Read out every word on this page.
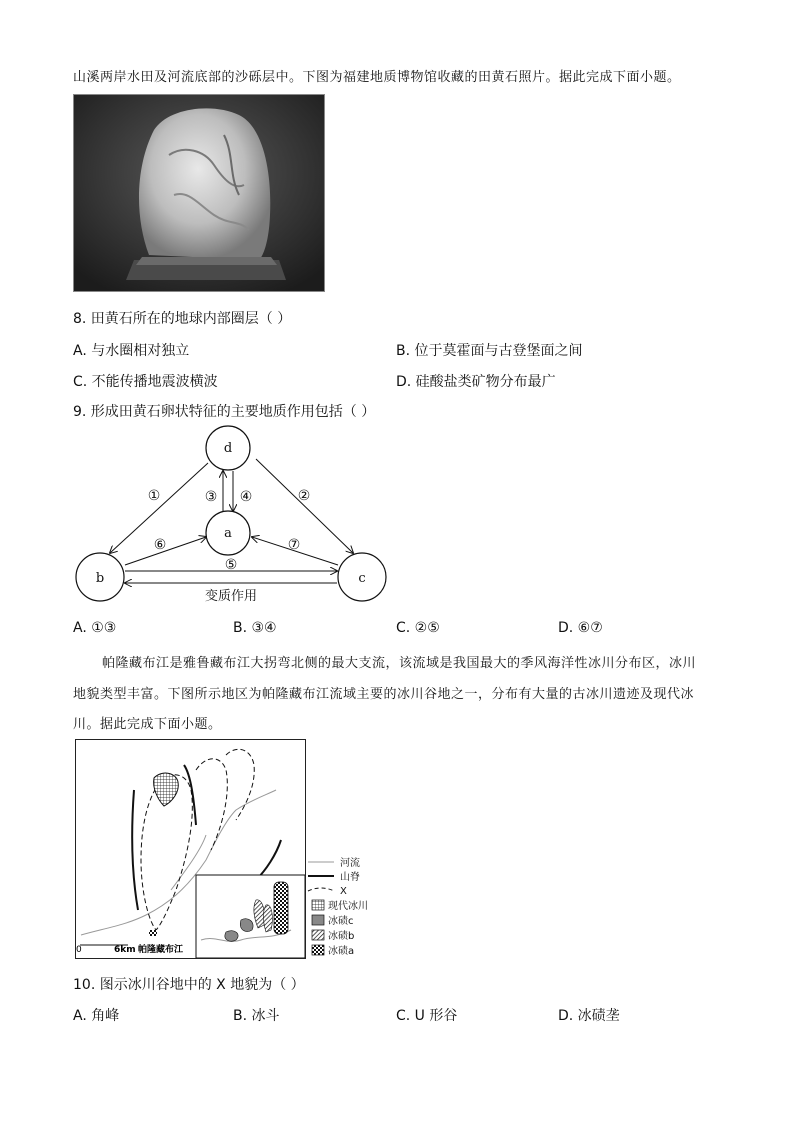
山溪两岸水田及河流底部的沙砾层中。下图为福建地质博物馆收藏的田黄石照片。据此完成下面小题。
8. 田黄石所在的地球内部圈层（ ）
A. 与水圈相对独立	B. 位于莫霍面与古登堡面之间
C. 不能传播地震波横波	D. 硅酸盐类矿物分布最广
9. 形成田黄石卵状特征的主要地质作用包括（ ）
d
a
b	c
①	②
③ ④
⑥	⑦
⑤
变质作用
A. ①③	B. ③④	C. ②⑤	D. ⑥⑦
帕隆藏布江是雅鲁藏布江大拐弯北侧的最大支流，该流域是我国最大的季风海洋性冰川分布区，冰川
地貌类型丰富。下图所示地区为帕隆藏布江流域主要的冰川谷地之一，分布有大量的古冰川遗迹及现代冰
川。据此完成下面小题。
0	6km 帕隆藏布江
河流
山脊
X
现代冰川
冰碛c
冰碛b
冰碛a
10. 图示冰川谷地中的 X 地貌为（ ）
A. 角峰	B. 冰斗	C. U 形谷	D. 冰碛垄
